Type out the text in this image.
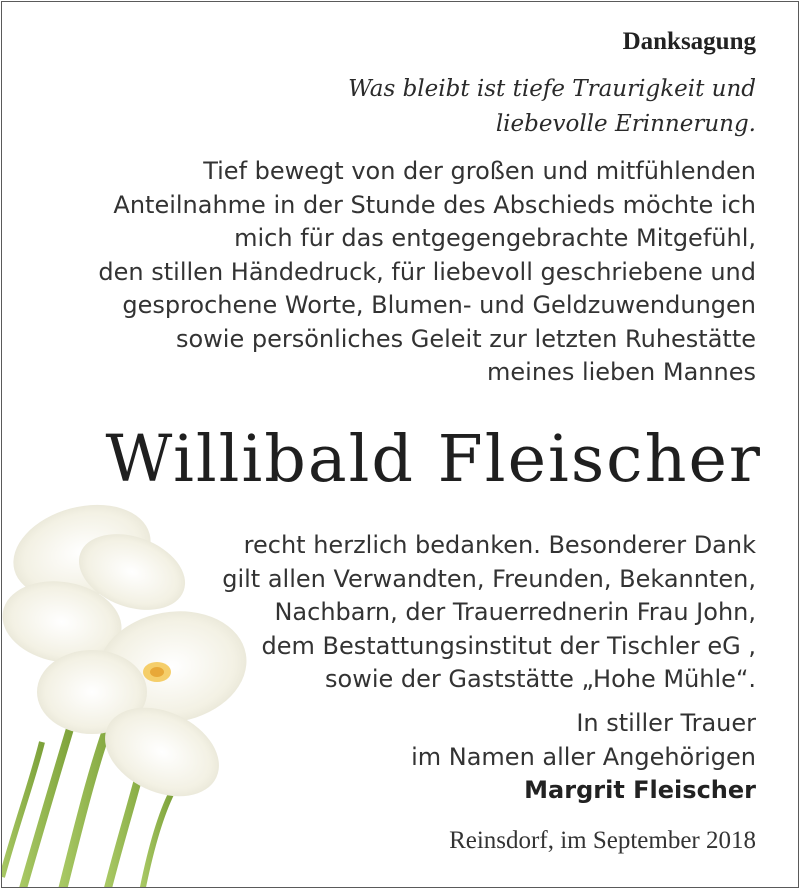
Danksagung
Was bleibt ist tiefe Traurigkeit und
liebevolle Erinnerung.
Tief bewegt von der großen und mitfühlenden
Anteilnahme in der Stunde des Abschieds möchte ich
mich für das entgegengebrachte Mitgefühl,
den stillen Händedruck, für liebevoll geschriebene und
gesprochene Worte, Blumen- und Geldzuwendungen
sowie persönliches Geleit zur letzten Ruhestätte
meines lieben Mannes
Willibald Fleischer
recht herzlich bedanken. Besonderer Dank
gilt allen Verwandten, Freunden, Bekannten,
Nachbarn, der Trauerrednerin Frau John,
dem Bestattungsinstitut der Tischler eG ,
sowie der Gaststätte „Hohe Mühle“.
In stiller Trauer
im Namen aller Angehörigen
Margrit Fleischer
Reinsdorf, im September 2018
